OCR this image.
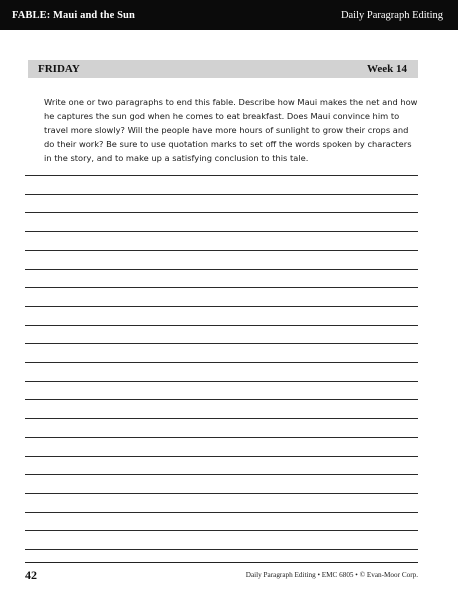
FABLE: Maui and the Sun	Daily Paragraph Editing
FRIDAY	Week 14
Write one or two paragraphs to end this fable. Describe how Maui makes the net and how he captures the sun god when he comes to eat breakfast. Does Maui convince him to travel more slowly? Will the people have more hours of sunlight to grow their crops and do their work? Be sure to use quotation marks to set off the words spoken by characters in the story, and to make up a satisfying conclusion to this tale.
42	Daily Paragraph Editing • EMC 6805 • © Evan-Moor Corp.
